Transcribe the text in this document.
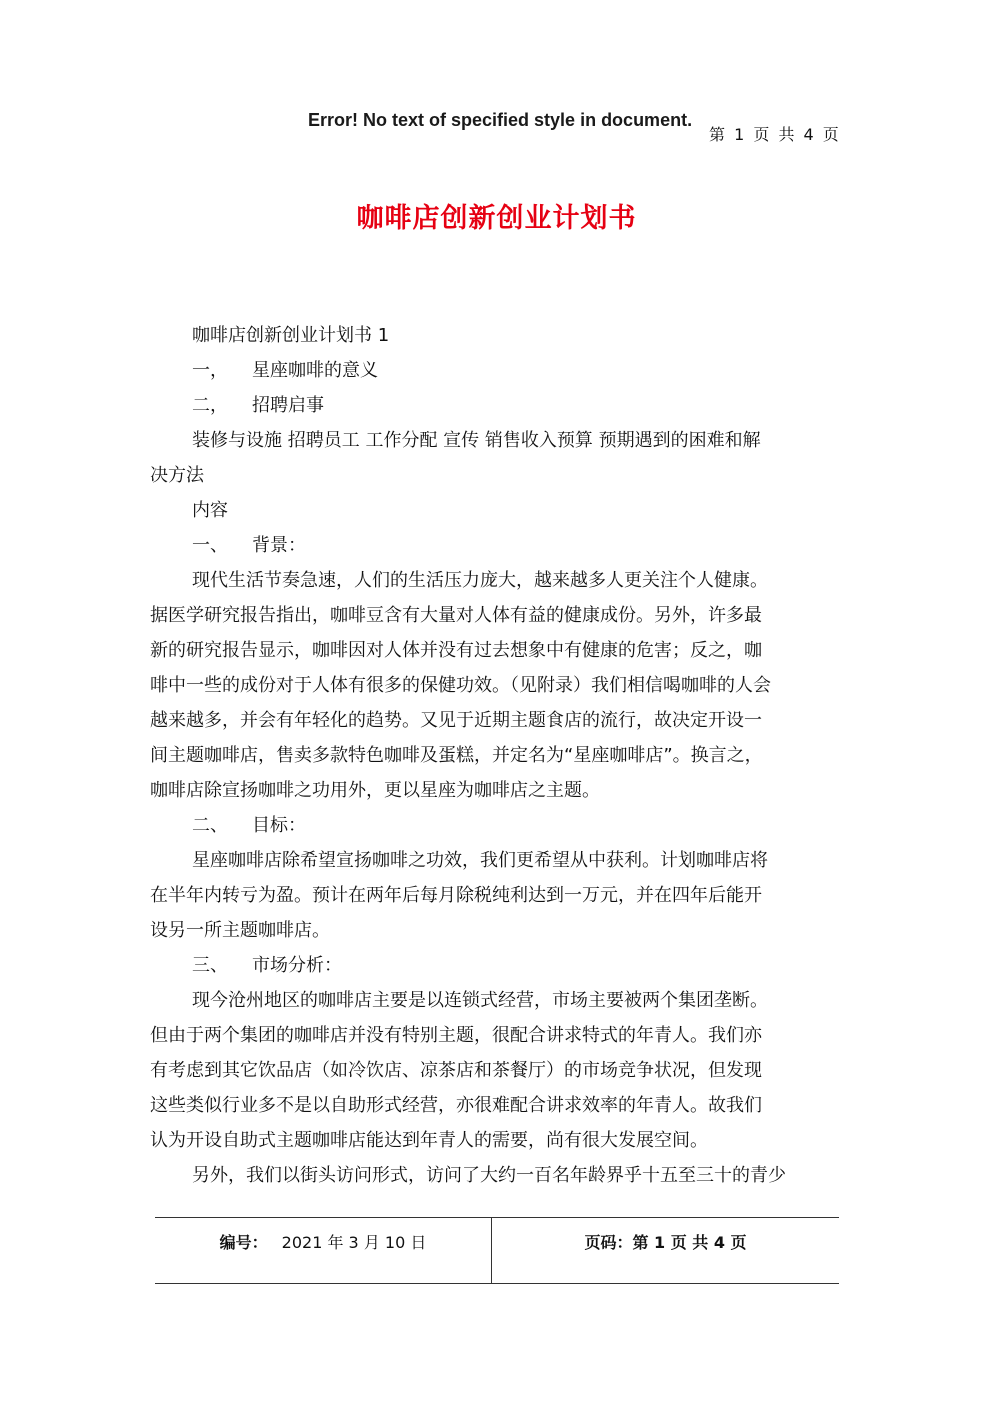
Error! No text of specified style in document.
第 1 页 共 4 页
咖啡店创新创业计划书
咖啡店创新创业计划书 1
一， 星座咖啡的意义
二， 招聘启事
装修与设施 招聘员工 工作分配 宣传 销售收入预算 预期遇到的困难和解
决方法
内容
一、 背景：
现代生活节奏急速，人们的生活压力庞大，越来越多人更关注个人健康。
据医学研究报告指出，咖啡豆含有大量对人体有益的健康成份。另外，许多最
新的研究报告显示，咖啡因对人体并没有过去想象中有健康的危害；反之，咖
啡中一些的成份对于人体有很多的保健功效。（见附录）我们相信喝咖啡的人会
越来越多，并会有年轻化的趋势。又见于近期主题食店的流行，故决定开设一
间主题咖啡店，售卖多款特色咖啡及蛋糕，并定名为“星座咖啡店”。换言之，
咖啡店除宣扬咖啡之功用外，更以星座为咖啡店之主题。
二、 目标：
星座咖啡店除希望宣扬咖啡之功效，我们更希望从中获利。计划咖啡店将
在半年内转亏为盈。预计在两年后每月除税纯利达到一万元，并在四年后能开
设另一所主题咖啡店。
三、 市场分析：
现今沧州地区的咖啡店主要是以连锁式经营，市场主要被两个集团垄断。
但由于两个集团的咖啡店并没有特别主题，很配合讲求特式的年青人。我们亦
有考虑到其它饮品店（如冷饮店、凉茶店和茶餐厅）的市场竞争状况，但发现
这些类似行业多不是以自助形式经营，亦很难配合讲求效率的年青人。故我们
认为开设自助式主题咖啡店能达到年青人的需要，尚有很大发展空间。
另外，我们以街头访问形式，访问了大约一百名年龄界乎十五至三十的青少
编号： 2021 年 3 月 10 日	页码：第 1 页 共 4 页
